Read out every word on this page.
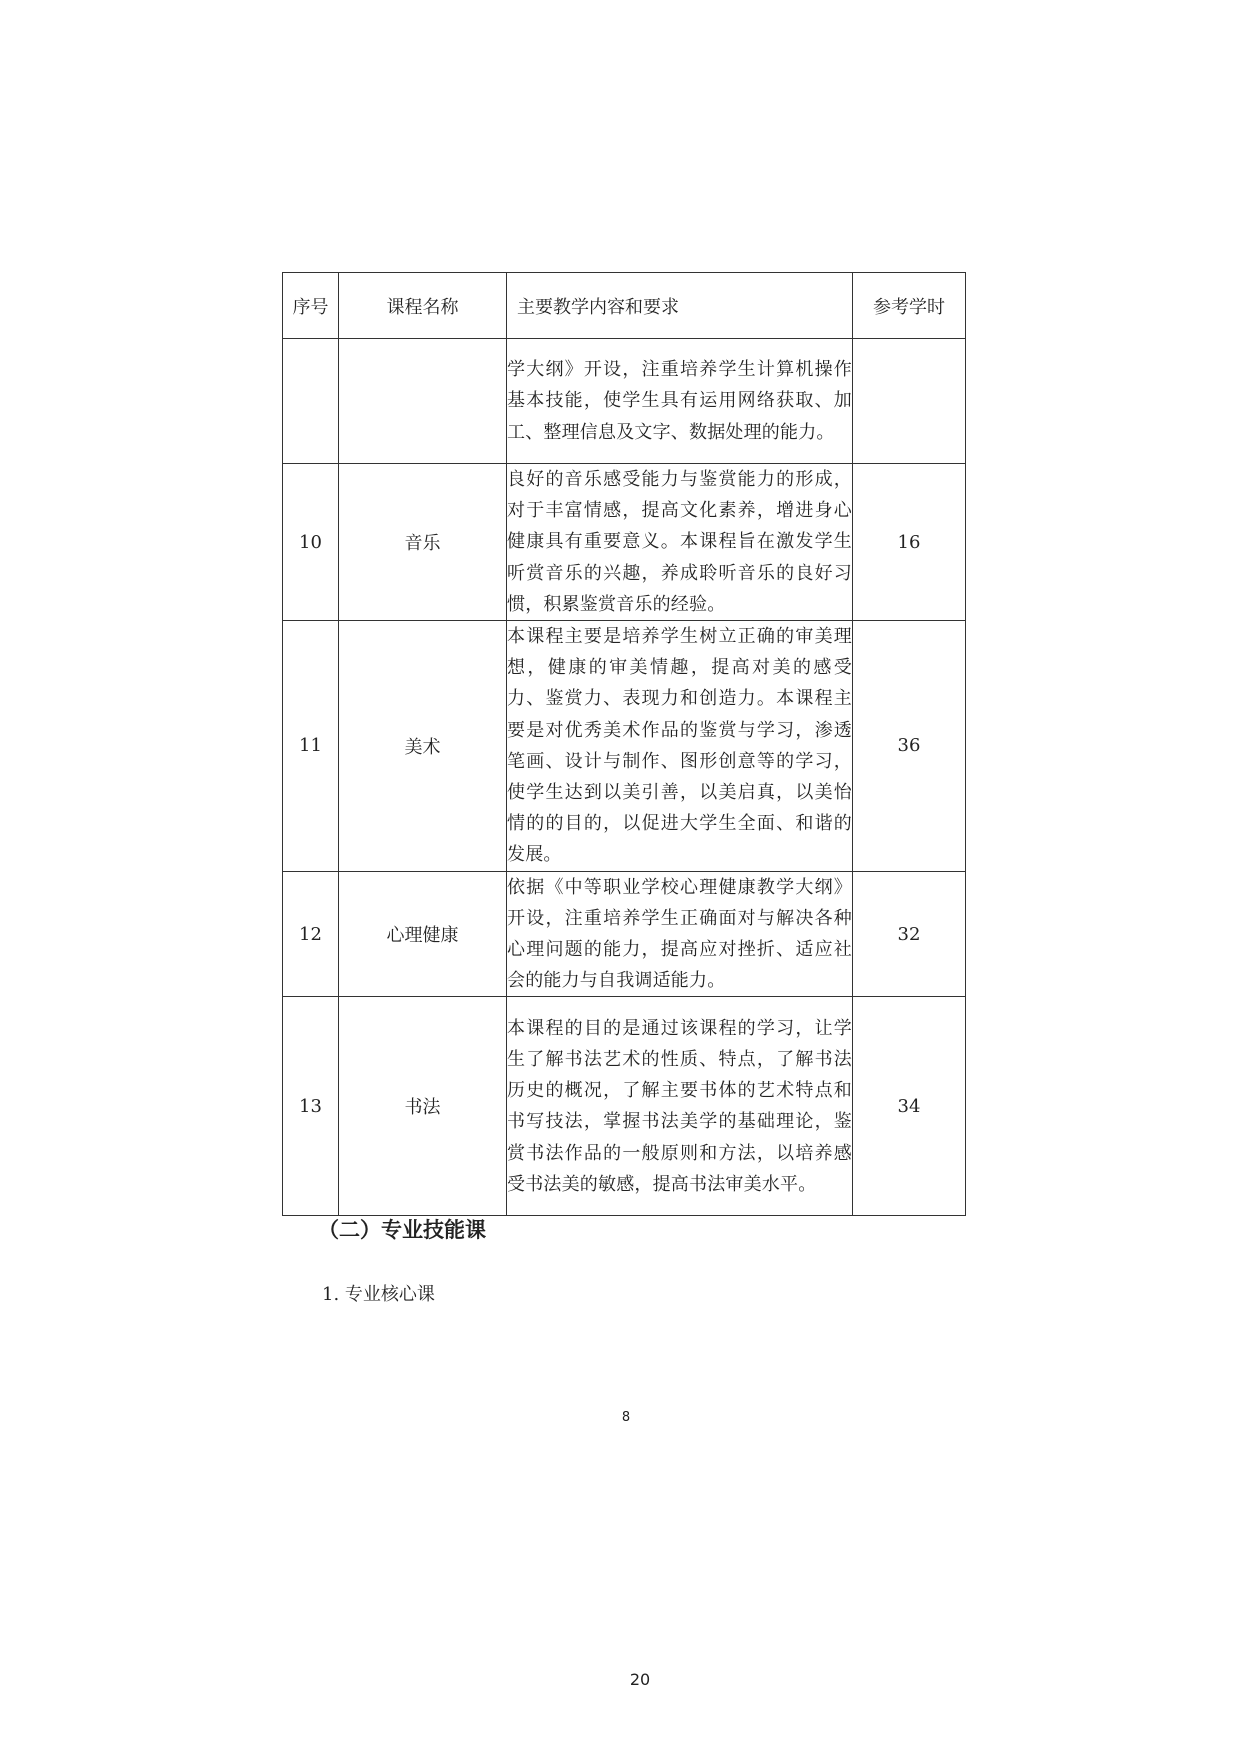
序号	课程名称	主要教学内容和要求	参考学时
		学大纲》开设，注重培养学生计算机操作基本技能，使学生具有运用网络获取、加工、整理信息及文字、数据处理的能力。	
10	音乐	良好的音乐感受能力与鉴赏能力的形成，对于丰富情感，提高文化素养，增进身心健康具有重要意义。本课程旨在激发学生听赏音乐的兴趣，养成聆听音乐的良好习惯，积累鉴赏音乐的经验。	16
11	美术	本课程主要是培养学生树立正确的审美理想，健康的审美情趣，提高对美的感受力、鉴赏力、表现力和创造力。本课程主要是对优秀美术作品的鉴赏与学习，渗透笔画、设计与制作、图形创意等的学习，使学生达到以美引善，以美启真，以美怡情的的目的，以促进大学生全面、和谐的发展。	36
12	心理健康	依据《中等职业学校心理健康教学大纲》开设，注重培养学生正确面对与解决各种心理问题的能力，提高应对挫折、适应社会的能力与自我调适能力。	32
13	书法	本课程的目的是通过该课程的学习，让学生了解书法艺术的性质、特点，了解书法历史的概况，了解主要书体的艺术特点和书写技法，掌握书法美学的基础理论，鉴赏书法作品的一般原则和方法，以培养感受书法美的敏感，提高书法审美水平。	34
（二）专业技能课

1. 专业核心课

8
20
